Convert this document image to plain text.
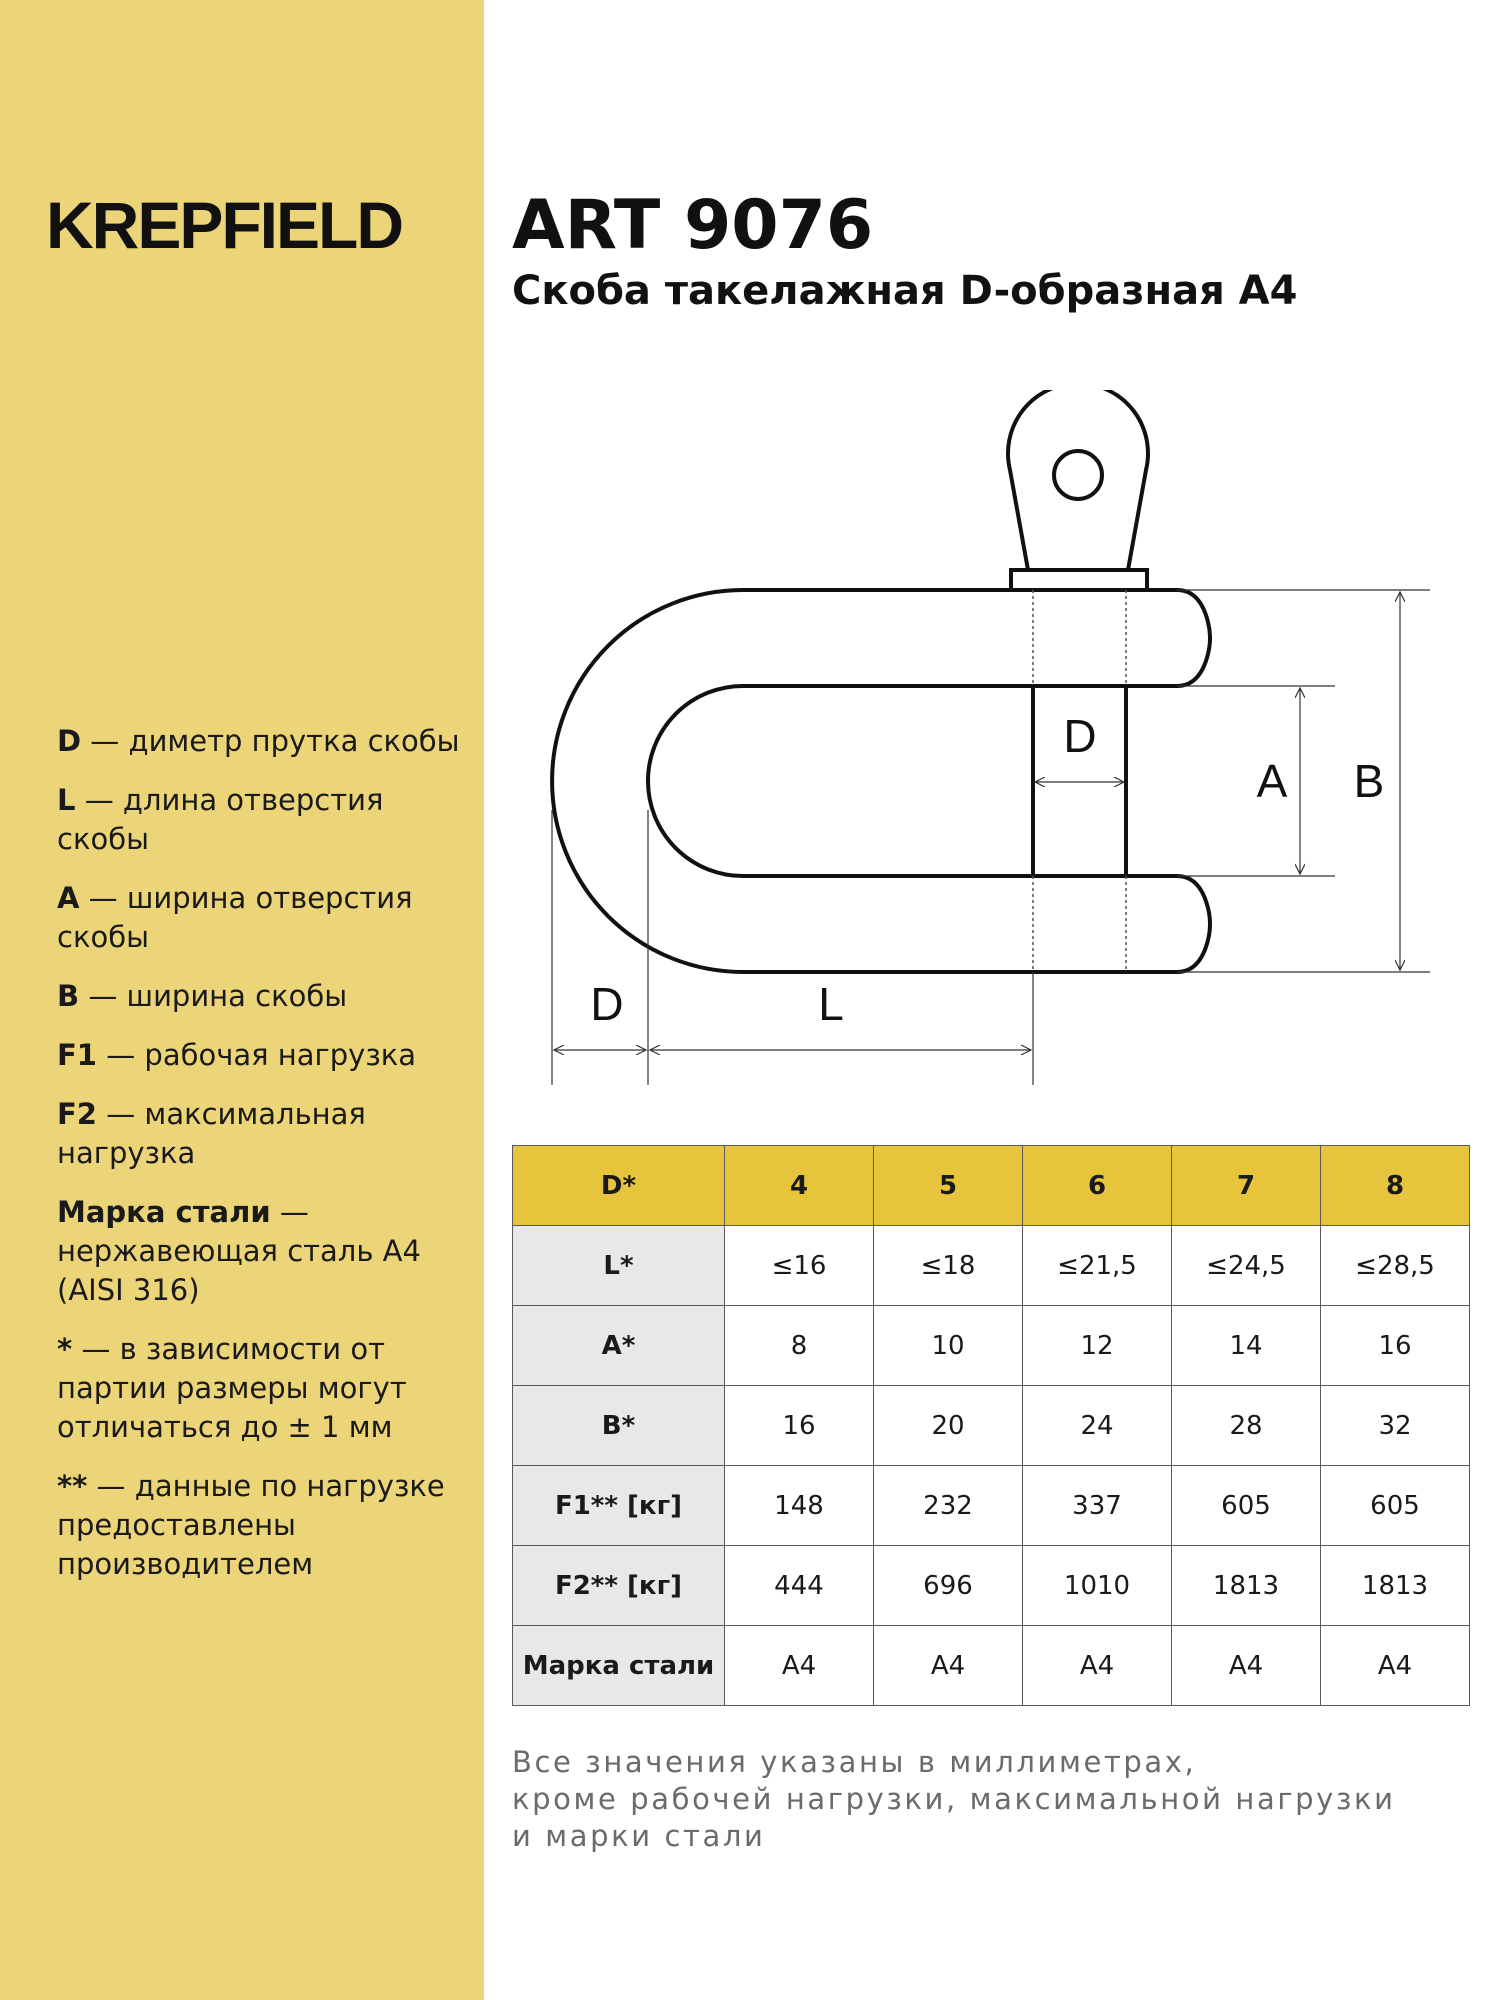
KREPFIELD
D — диметр прутка скобы
L — длина отверстия скобы
A — ширина отверстия скобы
B — ширина скобы
F1 — рабочая нагрузка
F2 — максимальная нагрузка
Марка стали — нержавеющая сталь A4 (AISI 316)
* — в зависимости от партии размеры могут отличаться до ± 1 мм
** — данные по нагрузке предоставлены производителем
ART 9076
Скоба такелажная D-образная A4
D
A B
D	L
D*	4	5	6	7	8
L*	≤16	≤18	≤21,5	≤24,5	≤28,5
A*	8	10	12	14	16
B*	16	20	24	28	32
F1** [кг]	148	232	337	605	605
F2** [кг]	444	696	1010	1813	1813
Марка стали	A4	A4	A4	A4	A4
Все значения указаны в миллиметрах,
кроме рабочей нагрузки, максимальной нагрузки
и марки стали
